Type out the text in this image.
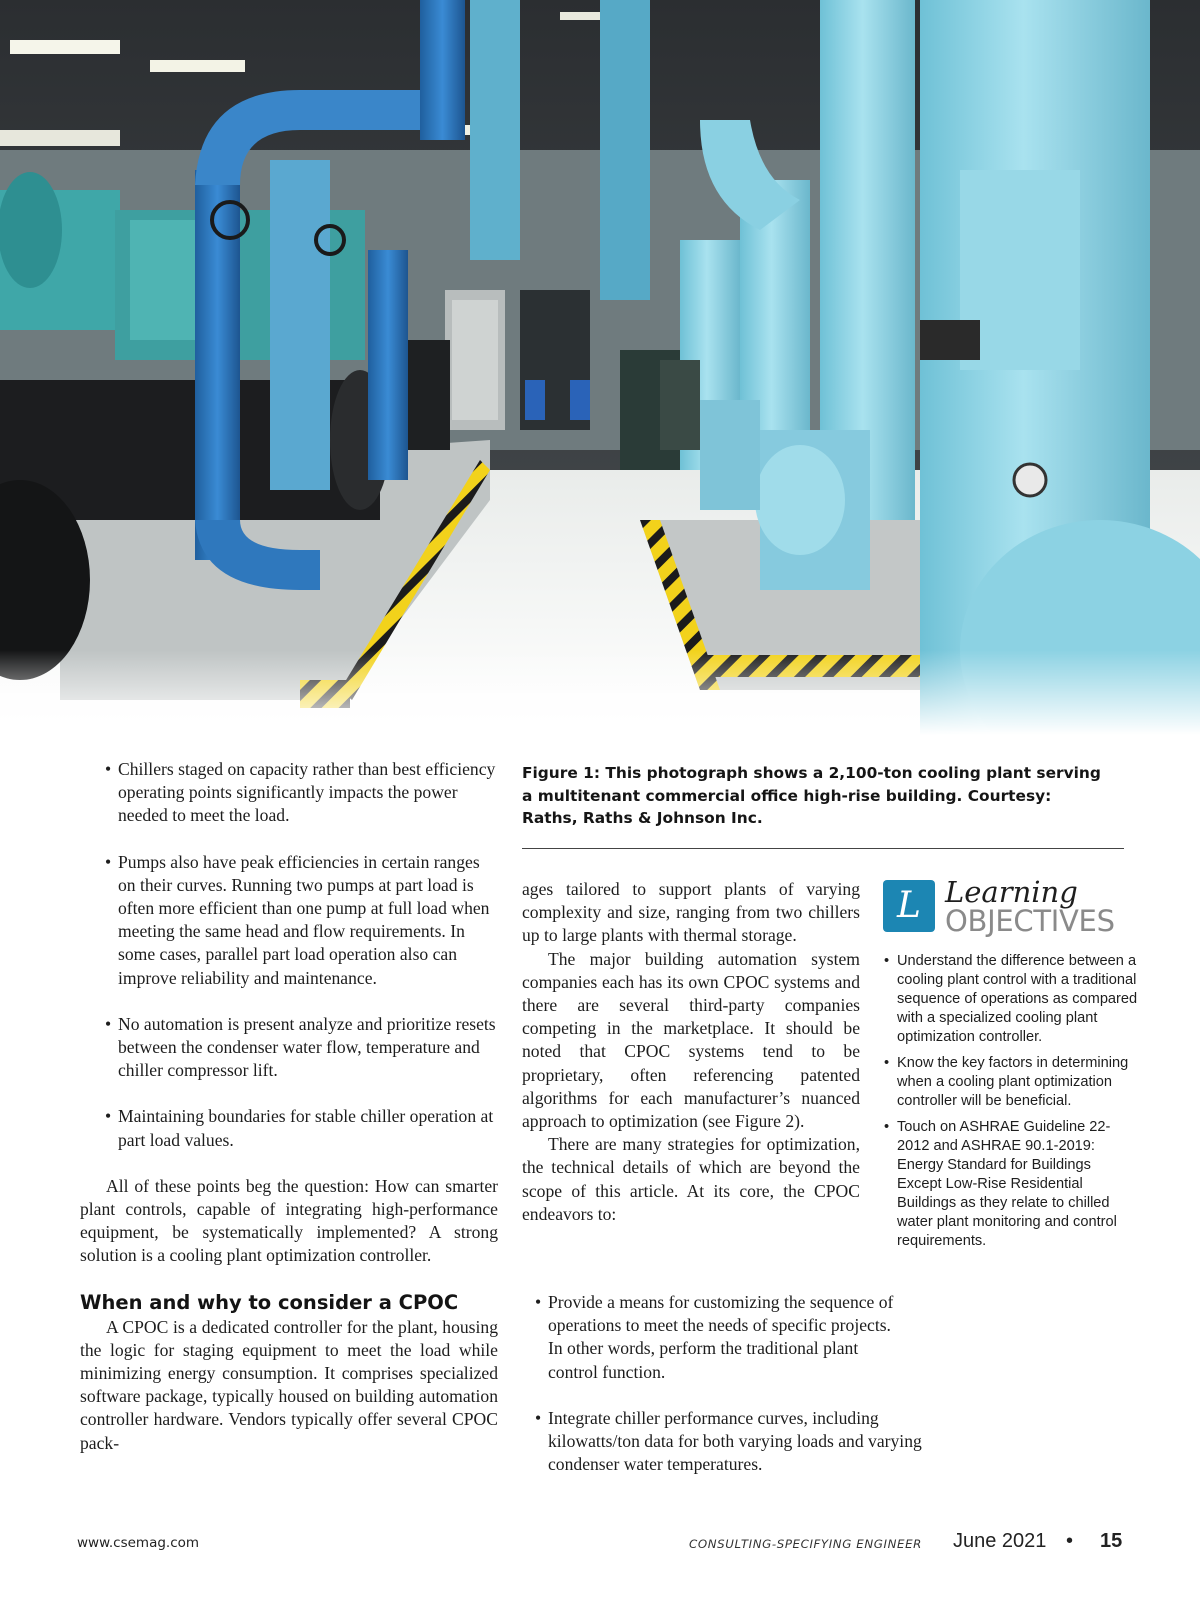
• Chillers staged on capacity rather than best efficiency operating points significantly impacts the power needed to meet the load.
• Pumps also have peak efficiencies in certain ranges on their curves. Running two pumps at part load is often more efficient than one pump at full load when meeting the same head and flow requirements. In some cases, parallel part load operation also can improve reliability and maintenance.
• No automation is present analyze and prioritize resets between the condenser water flow, temperature and chiller compressor lift.
• Maintaining boundaries for stable chiller operation at part load values.

All of these points beg the question: How can smarter plant controls, capable of integrating high-performance equipment, be systematically implemented? A strong solution is a cooling plant optimization controller.

When and why to consider a CPOC

A CPOC is a dedicated controller for the plant, housing the logic for staging equipment to meet the load while minimizing energy consumption. It comprises specialized software package, typically housed on building automation controller hardware. Vendors typically offer several CPOC pack-

Figure 1: This photograph shows a 2,100-ton cooling plant serving a multitenant commercial office high-rise building. Courtesy: Raths, Raths & Johnson Inc.

ages tailored to support plants of varying complexity and size, ranging from two chillers up to large plants with thermal storage.

The major building automation system companies each has its own CPOC systems and there are several third-party companies competing in the marketplace. It should be noted that CPOC systems tend to be proprietary, often referencing patented algorithms for each manufacturer’s nuanced approach to optimization (see Figure 2).

There are many strategies for optimization, the technical details of which are beyond the scope of this article. At its core, the CPOC endeavors to:

• Provide a means for customizing the sequence of operations to meet the needs of specific projects. In other words, perform the traditional plant control function.
• Integrate chiller performance curves, including kilowatts/ton data for both varying loads and varying condenser water temperatures.
L Learning
OBJECTIVES
• Understand the difference between a cooling plant control with a traditional sequence of operations as compared with a specialized cooling plant optimization controller.
• Know the key factors in determining when a cooling plant optimization controller will be beneficial.
• Touch on ASHRAE Guideline 22-2012 and ASHRAE 90.1-2019: Energy Standard for Buildings Except Low-Rise Residential Buildings as they relate to chilled water plant monitoring and control requirements.
www.csemag.com	CONSULTING-SPECIFYING ENGINEER June 2021 • 15
